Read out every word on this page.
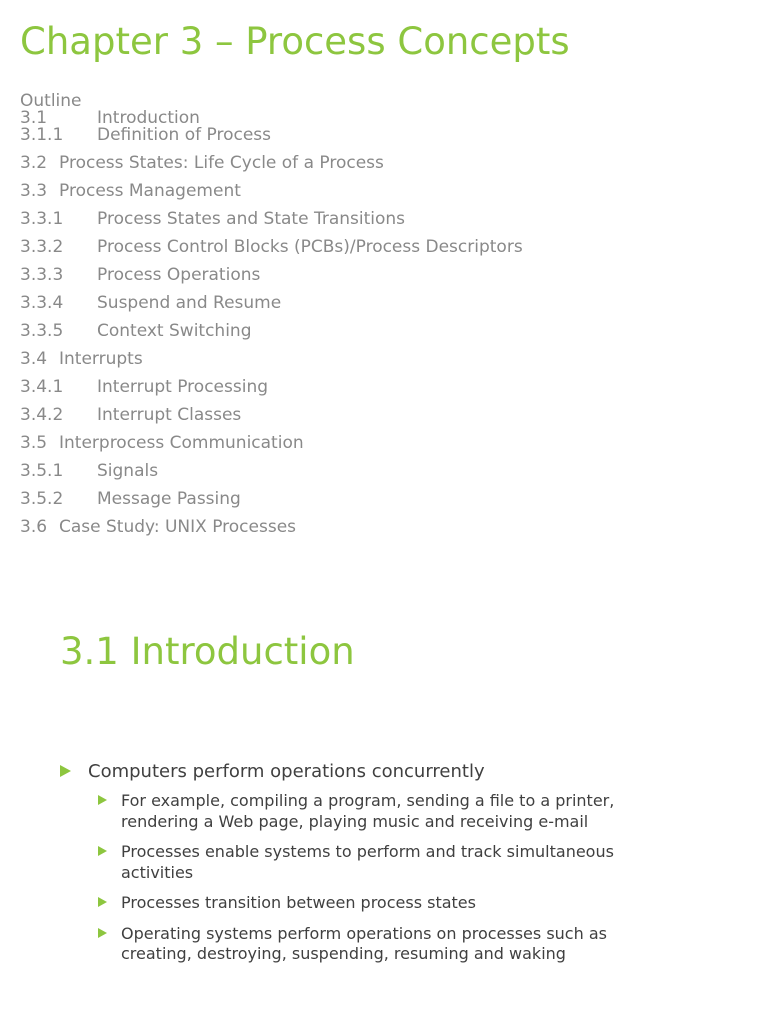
Chapter 3 – Process Concepts
Outline
3.1	Introduction
3.1.1 Definition of Process
3.2 Process States: Life Cycle of a Process
3.3 Process Management
3.3.1 Process States and State Transitions
3.3.2 Process Control Blocks (PCBs)/Process Descriptors
3.3.3 Process Operations
3.3.4 Suspend and Resume
3.3.5 Context Switching
3.4 Interrupts
3.4.1 Interrupt Processing
3.4.2 Interrupt Classes
3.5 Interprocess Communication
3.5.1 Signals
3.5.2 Message Passing
3.6 Case Study: UNIX Processes
3.1 Introduction
Computers perform operations concurrently
For example, compiling a program, sending a file to a printer, rendering a Web page, playing music and receiving e-mail
Processes enable systems to perform and track simultaneous activities
Processes transition between process states
Operating systems perform operations on processes such as creating, destroying, suspending, resuming and waking
